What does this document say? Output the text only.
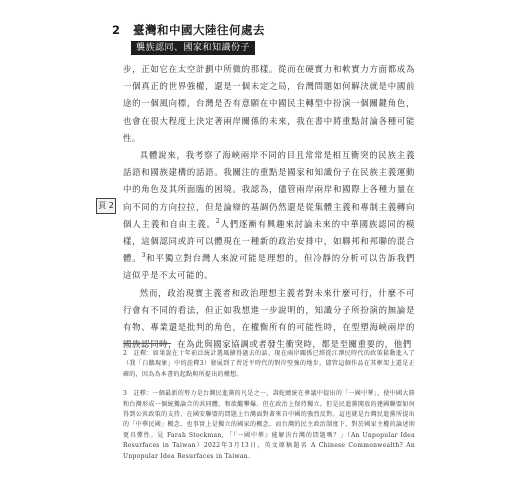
2 臺灣和中國大陸往何處去
襲族認同、國家和知識份子
頁 2

步，正如它在太空計劃中所微的那樣。從而在硬實力和軟實力方面都成為一個真正的世界強權，還是一個未定之局，台灣問題如何解決就是中國前途的一個風向標，台灣是否有意願在中國民主轉型中扮演一個關鍵角色，也會在很大程度上決定著兩岸關係的未來，我在書中將重點討論各種可能性。

具體說來，我考察了海峽兩岸不同的目且常常是相互衝突的民族主義話語和國族建構的話語。我關注的重點是國家和知識份子在民族主義運動中的角色及其所面臨的困境。我認為，儘管兩岸兩岸和國際上各種力量在向不同的方向拉拉，但是論辯的基調仍然還是從集體主義和專制主義轉向個人主義和自由主義。$^2$人們逐漸有興趣來討論未來的中華國族認同的模樣，這個認同或許可以體現在一種新的政治安排中，如聯邦和邦聯的混合體。$^3$和平獨立對台灣人來說可能是理想的，但冷靜的分析可以告訴我們這似乎是不太可能的。

然而，政治現實主義者和政治理想主義者對未來什麼可行，什麼不可行會有不同的看法，但正如我想進一步說明的，知識分子所扮演的無論是有物、專業還是批判的角色，在權衡所有的可能性時，在型塑海峽兩岸的國族認同時，在為此與國家協調或者發生衝突時，都是至關重要的，他們

2　註釋：如果說在十年前泛統計選風擴得過去的話，現在兩岸關係已經從江澤民時代的政策鬆動進入了（我「白鵝現象」中的詮釋3）發展到了習近平時代的對岸堅強的地步，儘管這個作品在其框架上還是正確的，因為為本書的起點與所提出的構想。

3　註釋：一個最新的努力是台灣民進黨的凡是之一，壽蛇總統在參議中提出的「一國中華」，使中國大陸和台灣形成一個統獨論合的共同體，和欲繼攀爆。但在政治上保持獨立。但是民進黨開放的建國聯盟如何得到公共政策的支持，在國安聯盟的問題上台灣面對著來自中國的強烈反對。這也就是台灣民進黨所提出的「中華民國」概念，也事實上是獨立的國家的概念，而台灣的民主政治制度下，對於國家主權的論述則更具彈性。見 Farah Stockman, 「『一國中華』能解決台灣的問題嗎？」（An Unpopular Idea Resurfaces in Taiwan）2022年3月13日，英文原稿題名 A Chinese Commonwealth? An Unpopular Idea Resurfaces in Taiwan.
